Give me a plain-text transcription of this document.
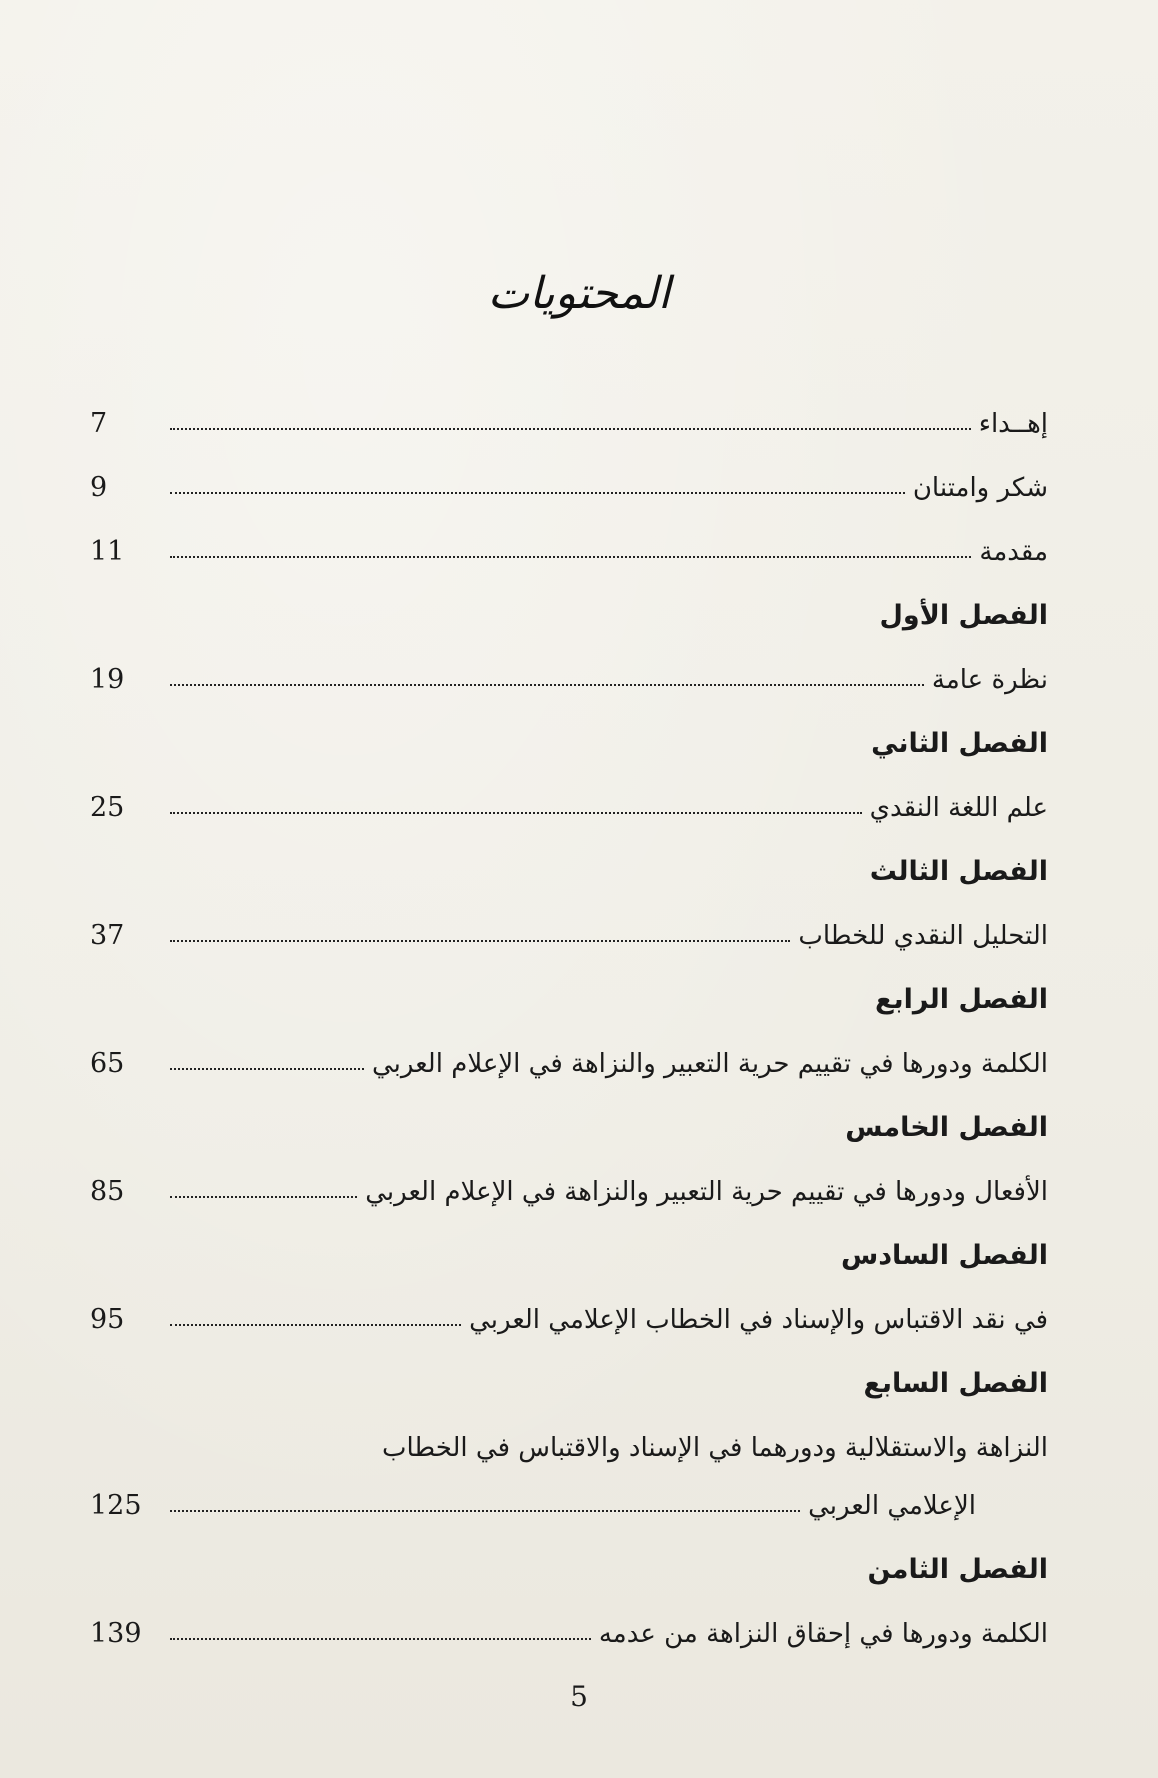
المحتويات
إهــداء
7
شكر وامتنان
9
مقدمة
11
الفصل الأول
نظرة عامة
19
الفصل الثاني
علم اللغة النقدي
25
الفصل الثالث
التحليل النقدي للخطاب
37
الفصل الرابع
الكلمة ودورها في تقييم حرية التعبير والنزاهة في الإعلام العربي
65
الفصل الخامس
الأفعال ودورها في تقييم حرية التعبير والنزاهة في الإعلام العربي
85
الفصل السادس
في نقد الاقتباس والإسناد في الخطاب الإعلامي العربي
95
الفصل السابع
النزاهة والاستقلالية ودورهما في الإسناد والاقتباس في الخطاب
الإعلامي العربي
125
الفصل الثامن
الكلمة ودورها في إحقاق النزاهة من عدمه
139
5
